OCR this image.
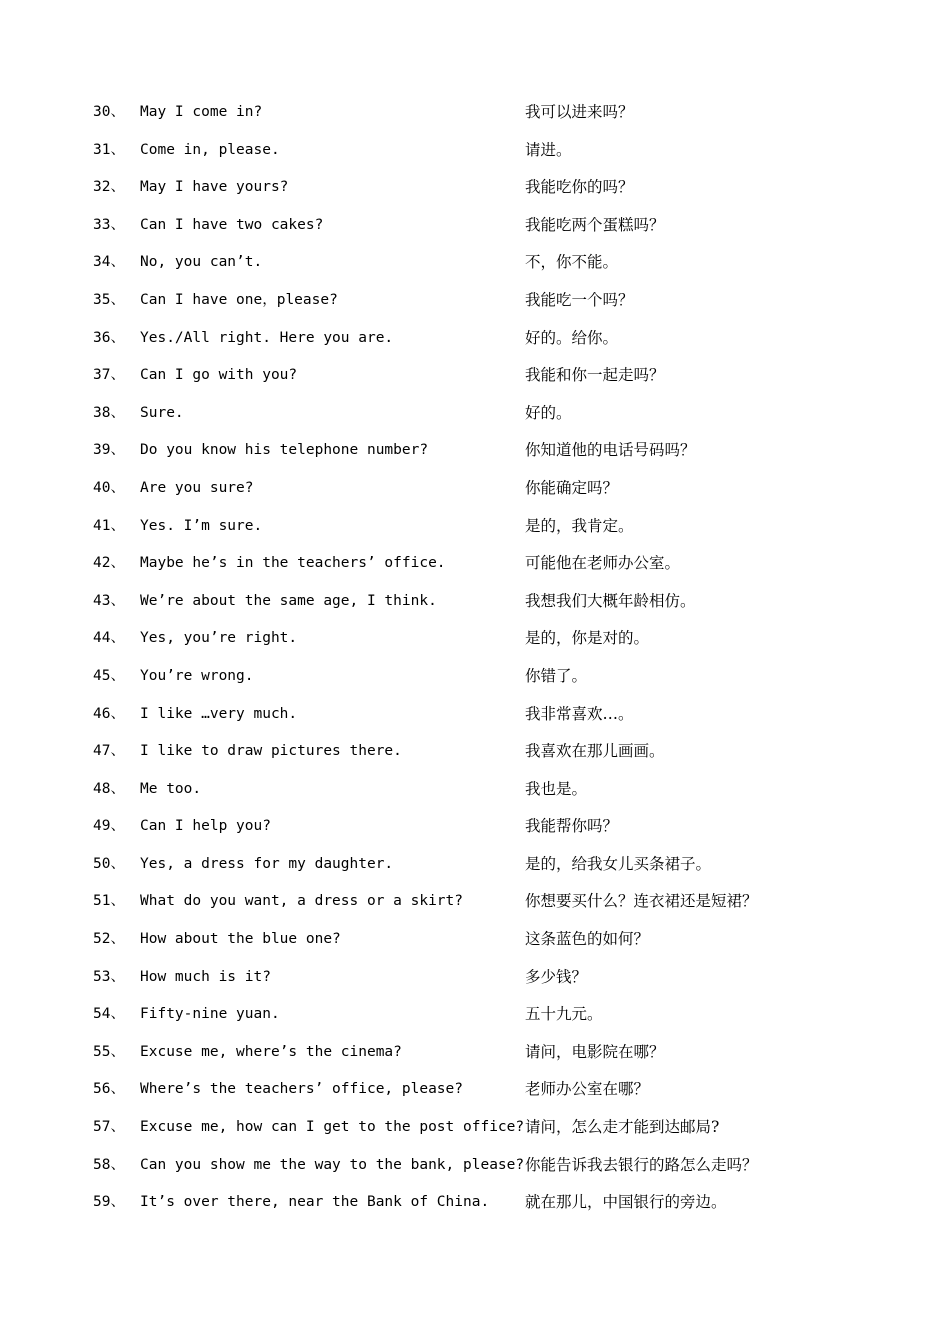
30、 May I come in?	我可以进来吗？
31、 Come in, please.	请进。
32、 May I have yours?	我能吃你的吗？
33、 Can I have two cakes?	我能吃两个蛋糕吗？
34、 No, you can’t.	不，你不能。
35、 Can I have one，please?	我能吃一个吗？
36、 Yes./All right. Here you are.	好的。给你。
37、 Can I go with you?	我能和你一起走吗？
38、 Sure.	好的。
39、 Do you know his telephone number?	你知道他的电话号码吗？
40、 Are you sure?	你能确定吗？
41、 Yes. I’m sure.	是的，我肯定。
42、 Maybe he’s in the teachers’ office.	可能他在老师办公室。
43、 We’re about the same age, I think.	我想我们大概年龄相仿。
44、 Yes, you’re right.	是的，你是对的。
45、 You’re wrong.	你错了。
46、 I like …very much.	我非常喜欢…。
47、 I like to draw pictures there.	我喜欢在那儿画画。
48、 Me too.	我也是。
49、 Can I help you?	我能帮你吗？
50、 Yes, a dress for my daughter.	是的，给我女儿买条裙子。
51、 What do you want, a dress or a skirt?	你想要买什么？连衣裙还是短裙？
52、 How about the blue one?	这条蓝色的如何？
53、 How much is it?	多少钱？
54、 Fifty-nine yuan.	五十九元。
55、 Excuse me, where’s the cinema?	请问，电影院在哪？
56、 Where’s the teachers’ office, please?	老师办公室在哪？
57、 Excuse me, how can I get to the post office? 请问，怎么走才能到达邮局?
58、 Can you show me the way to the bank, please? 你能告诉我去银行的路怎么走吗？
59、 It’s over there, near the Bank of China. 就在那儿，中国银行的旁边。
